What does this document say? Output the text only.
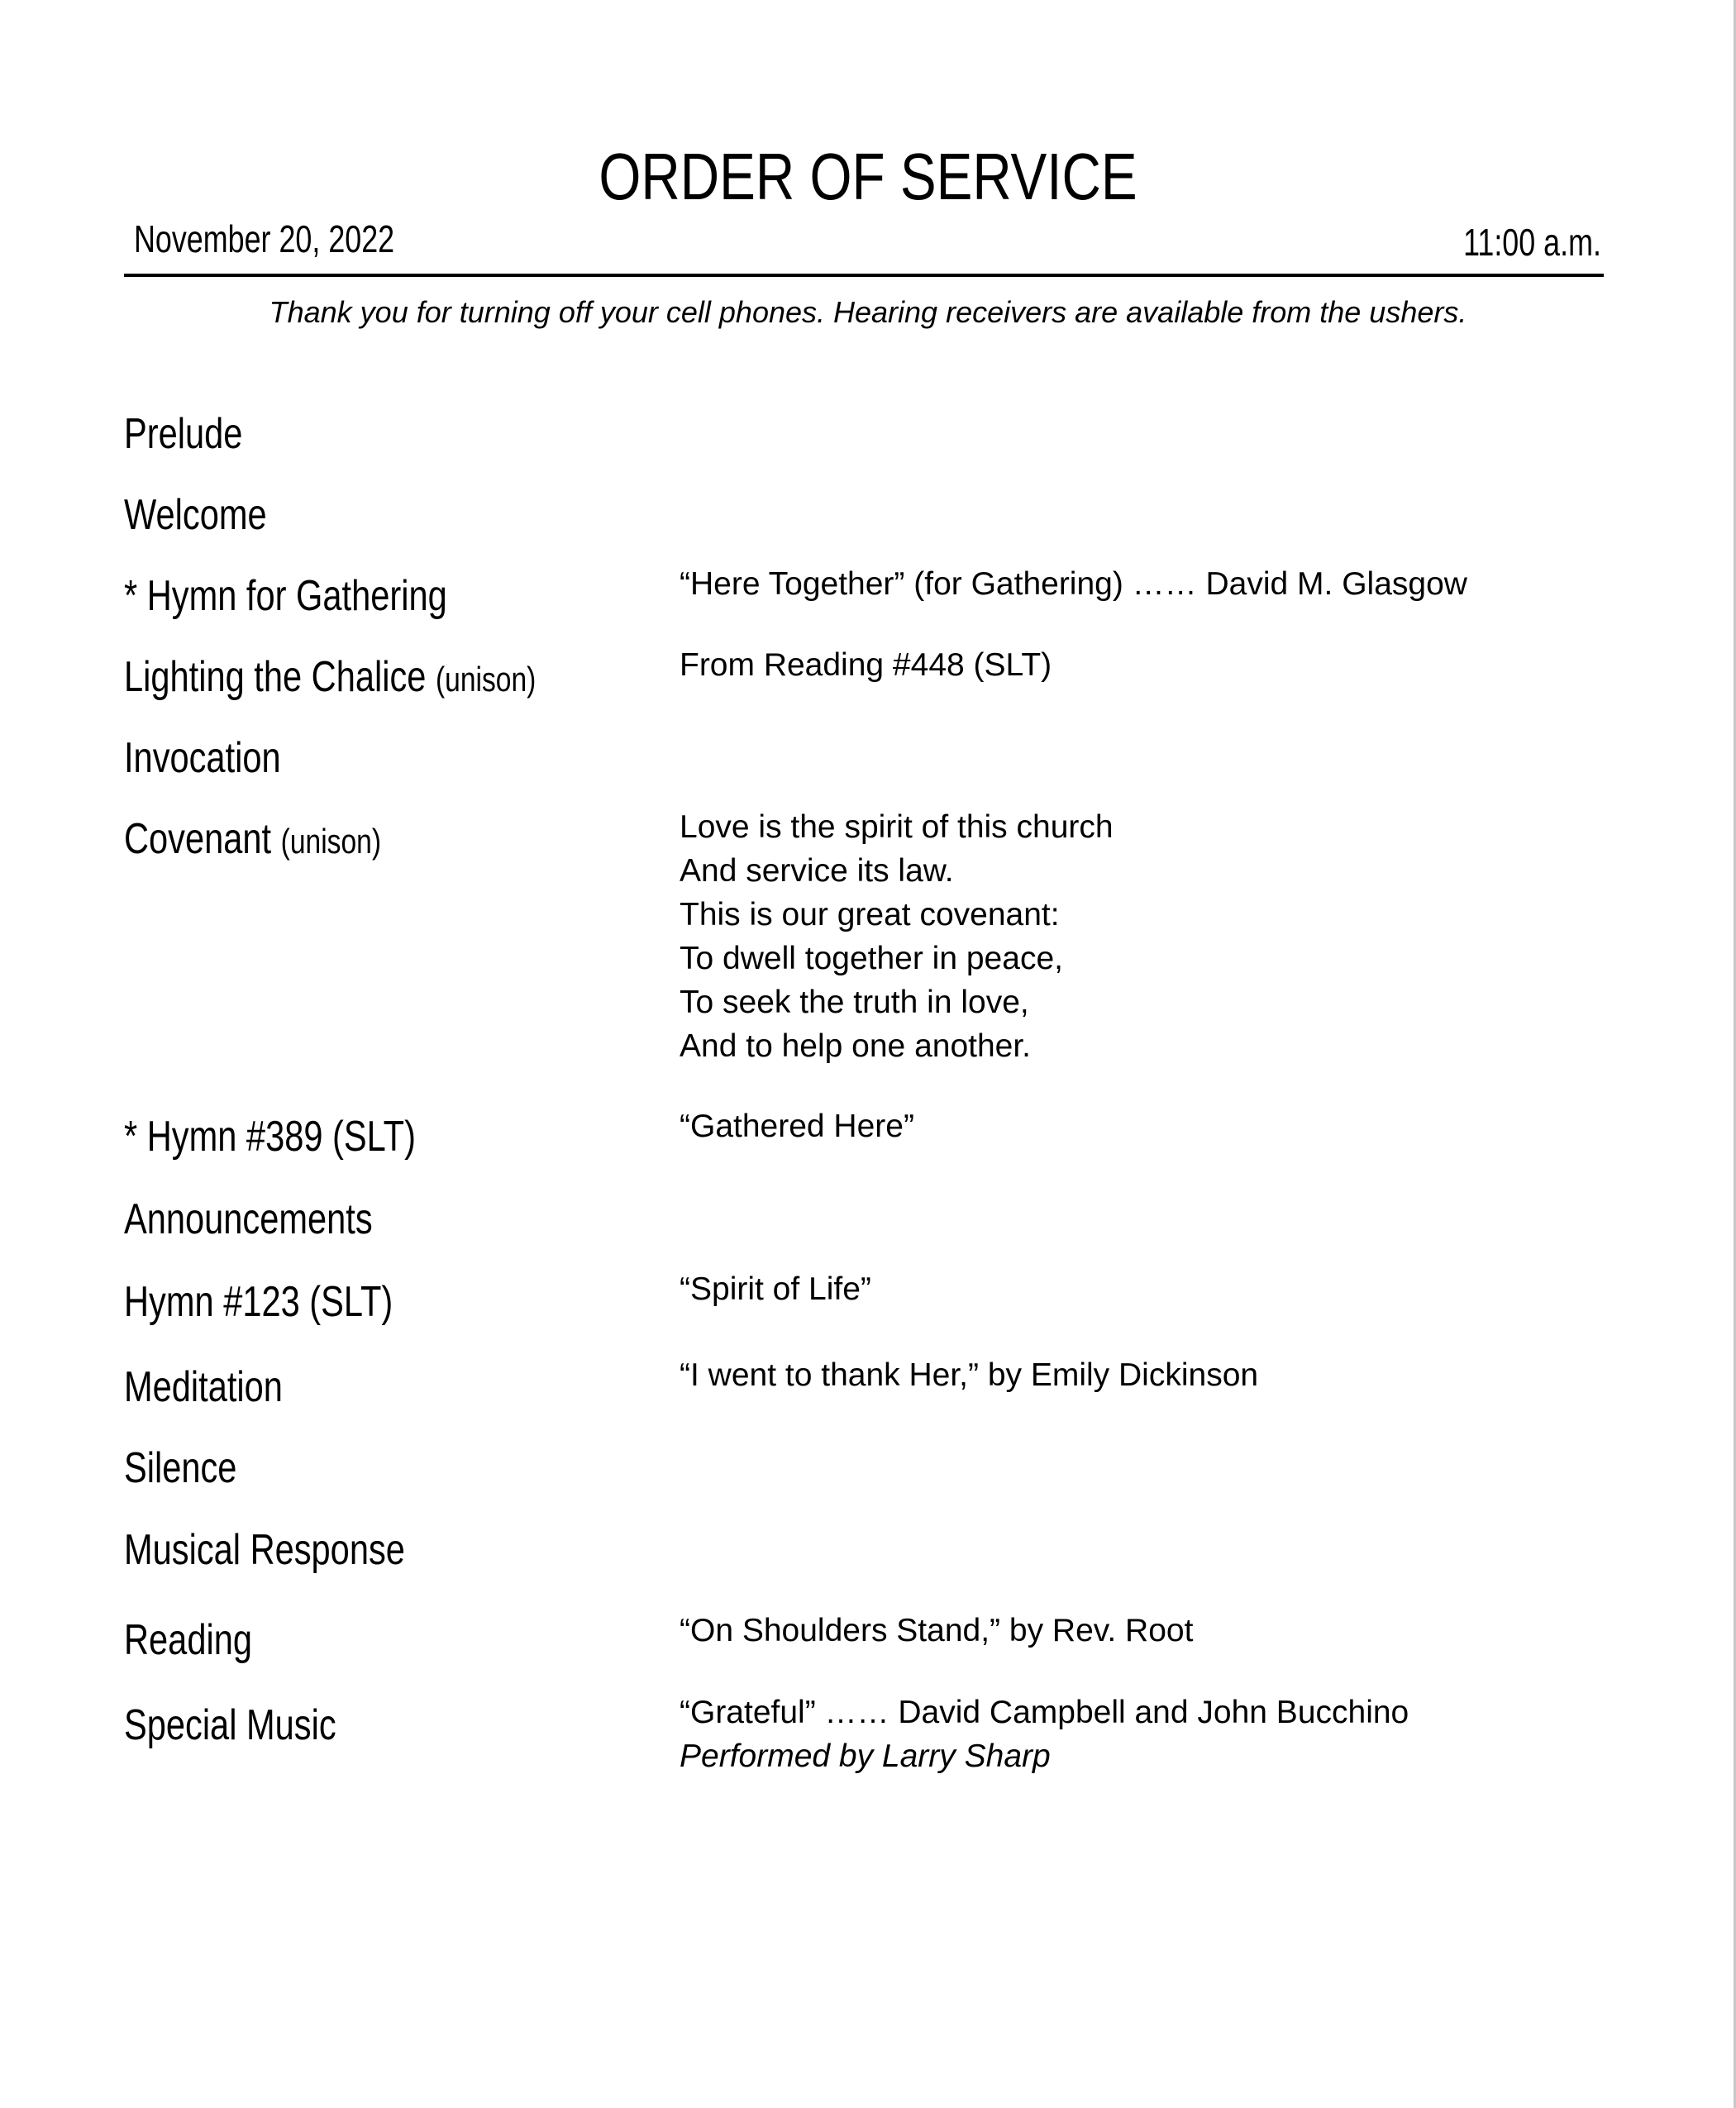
ORDER OF SERVICE
November 20, 2022	11:00 a.m.
Thank you for turning off your cell phones. Hearing receivers are available from the ushers.
Prelude
Welcome
* Hymn for Gathering	“Here Together” (for Gathering) …… David M. Glasgow
Lighting the Chalice (unison)	From Reading #448 (SLT)
Invocation
Covenant (unison)	Love is the spirit of this church
And service its law.
This is our great covenant:
To dwell together in peace,
To seek the truth in love,
And to help one another.
* Hymn #389 (SLT)	“Gathered Here”
Announcements
Hymn #123 (SLT)	“Spirit of Life”
Meditation	“I went to thank Her,” by Emily Dickinson
Silence
Musical Response
Reading	“On Shoulders Stand,” by Rev. Root
Special Music	“Grateful” …… David Campbell and John Bucchino
Performed by Larry Sharp
